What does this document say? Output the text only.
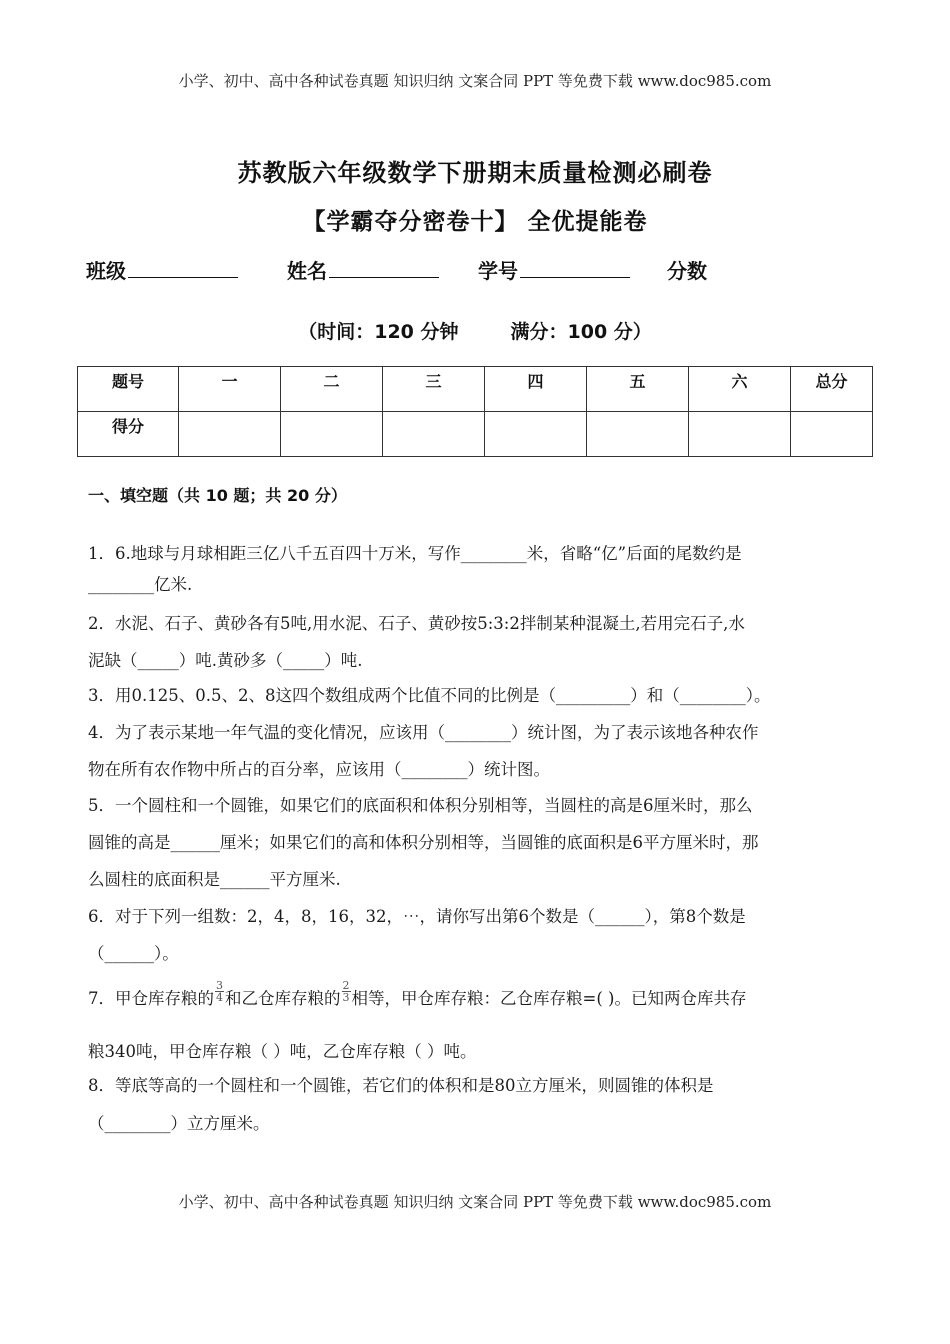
小学、初中、高中各种试卷真题 知识归纳 文案合同 PPT 等免费下载 www.doc985.com
苏教版六年级数学下册期末质量检测必刷卷
【学霸夺分密卷十】 全优提能卷
班级	姓名	学号	分数
（时间：120 分钟	满分：100 分）
题号	一	二	三	四	五	六	总分
得分							
一、填空题（共 10 题；共 20 分）
1．6.地球与月球相距三亿八千五百四十万米，写作________米，省略“亿”后面的尾数约是
________亿米.
2．水泥、石子、黄砂各有5吨,用水泥、石子、黄砂按5:3:2拌制某种混凝土,若用完石子,水
泥缺（_____）吨.黄砂多（_____）吨.
3．用0.125、0.5、2、8这四个数组成两个比值不同的比例是（_________）和（________）。
4．为了表示某地一年气温的变化情况，应该用（________）统计图，为了表示该地各种农作
物在所有农作物中所占的百分率，应该用（________）统计图。
5．一个圆柱和一个圆锥，如果它们的底面积和体积分别相等，当圆柱的高是6厘米时，那么
圆锥的高是______厘米；如果它们的高和体积分别相等，当圆锥的底面积是6平方厘米时，那
么圆柱的底面积是______平方厘米.
6．对于下列一组数：2，4，8，16，32，⋯，请你写出第6个数是（______），第8个数是
（______）。
7．甲仓库存粮的 $\frac{3}{4}$ 和乙仓库存粮的 $\frac{2}{3}$ 相等，甲仓库存粮：乙仓库存粮=( )。已知两仓库共存
粮340吨，甲仓库存粮（ ）吨，乙仓库存粮（ ）吨。
8．等底等高的一个圆柱和一个圆锥，若它们的体积和是80立方厘米，则圆锥的体积是
（________）立方厘米。
小学、初中、高中各种试卷真题 知识归纳 文案合同 PPT 等免费下载 www.doc985.com
